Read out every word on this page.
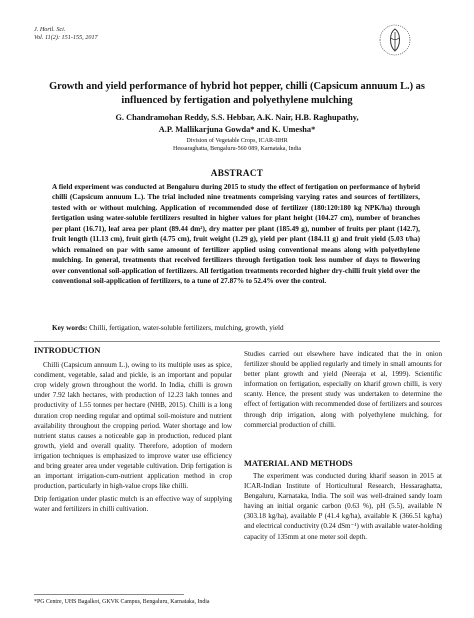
J. Hortl. Sci.
Vol. 11(2): 151-155, 2017
Growth and yield performance of hybrid hot pepper, chilli (Capsicum annuum L.) as influenced by fertigation and polyethylene mulching
G. Chandramohan Reddy, S.S. Hebbar, A.K. Nair, H.B. Raghupathy,
A.P. Mallikarjuna Gowda* and K. Umesha*
Division of Vegetable Crops, ICAR-IIHR
Hessaraghatta, Bengaluru-560 089, Karnataka, India
ABSTRACT
A field experiment was conducted at Bengaluru during 2015 to study the effect of fertigation on performance of hybrid chilli (Capsicum annuum L.). The trial included nine treatments comprising varying rates and sources of fertilizers, tested with or without mulching. Application of recommended dose of fertilizer (180:120:180 kg NPK/ha) through fertigation using water-soluble fertilizers resulted in higher values for plant height (104.27 cm), number of branches per plant (16.71), leaf area per plant (89.44 dm²), dry matter per plant (185.49 g), number of fruits per plant (142.7), fruit length (11.13 cm), fruit girth (4.75 cm), fruit weight (1.29 g), yield per plant (184.11 g) and fruit yield (5.03 t/ha) which remained on par with same amount of fertilizer applied using conventional means along with polyethylene mulching. In general, treatments that received fertilizers through fertigation took less number of days to flowering over conventional soil-application of fertilizers. All fertigation treatments recorded higher dry-chilli fruit yield over the conventional soil-application of fertilizers, to a tune of 27.87% to 52.4% over the control.
Key words: Chilli, fertigation, water-soluble fertilizers, mulching, growth, yield
INTRODUCTION

Chilli (Capsicum annuum L.), owing to its multiple uses as spice, condiment, vegetable, salad and pickle, is an important and popular crop widely grown throughout the world. In India, chilli is grown under 7.92 lakh hectares, with production of 12.23 lakh tonnes and productivity of 1.55 tonnes per hectare (NHB, 2015). Chilli is a long duration crop needing regular and optimal soil-moisture and nutrient availability throughout the cropping period. Water shortage and low nutrient status causes a noticeable gap in production, reduced plant growth, yield and overall quality. Therefore, adoption of modern irrigation techniques is emphasized to improve water use efficiency and bring greater area under vegetable cultivation. Drip fertigation is an important irrigation-cum-nutrient application method in crop production, particularly in high-value crops like chilli.

Drip fertigation under plastic mulch is an effective way of supplying water and fertilizers in chilli cultivation.

Studies carried out elsewhere have indicated that the in onion fertilizer should be applied regularly and timely in small amounts for better plant growth and yield (Neeraja et al, 1999). Scientific information on fertigation, especially on kharif grown chilli, is very scanty. Hence, the present study was undertaken to determine the effect of fertigation with recommended dose of fertilizers and sources through drip irrigation, along with polyethylene mulching, for commercial production of chilli.

MATERIAL AND METHODS

The experiment was conducted during kharif season in 2015 at ICAR-Indian Institute of Horticultural Research, Hessaraghatta, Bengaluru, Karnataka, India. The soil was well-drained sandy loam having an initial organic carbon (0.63 %), pH (5.5), available N (303.18 kg/ha), available P (41.4 kg/ha), available K (366.51 kg/ha) and electrical conductivity (0.24 dSm⁻¹) with available water-holding capacity of 135mm at one meter soil depth.

*PG Centre, UHS Bagalkot, GKVK Campus, Bengaluru, Karnataka, India
